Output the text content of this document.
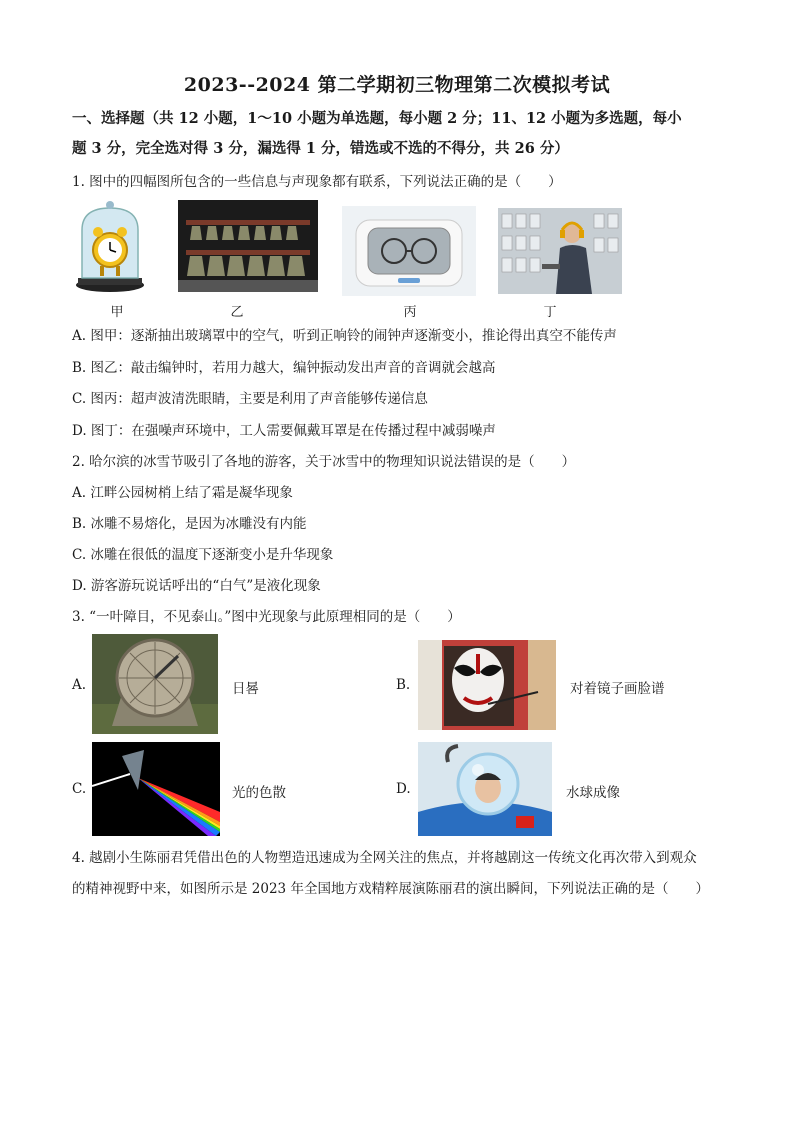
2023--2024 第二学期初三物理第二次模拟考试
一、选择题（共 12 小题，1～10 小题为单选题，每小题 2 分；11、12 小题为多选题，每小
题 3 分，完全选对得 3 分，漏选得 1 分，错选或不选的不得分，共 26 分）
1. 图中的四幅图所包含的一些信息与声现象都有联系，下列说法正确的是（　　）
甲	乙	丙	丁
A. 图甲：逐渐抽出玻璃罩中的空气，听到正响铃的闹钟声逐渐变小，推论得出真空不能传声
B. 图乙：敲击编钟时，若用力越大，编钟振动发出声音的音调就会越高
C. 图丙：超声波清洗眼睛，主要是利用了声音能够传递信息
D. 图丁：在强噪声环境中，工人需要佩戴耳罩是在传播过程中减弱噪声
2. 哈尔滨的冰雪节吸引了各地的游客，关于冰雪中的物理知识说法错误的是（　　）
A. 江畔公园树梢上结了霜是凝华现象
B. 冰雕不易熔化，是因为冰雕没有内能
C. 冰雕在很低的温度下逐渐变小是升华现象
D. 游客游玩说话呼出的“白气”是液化现象
3. “一叶障目，不见泰山。”图中光现象与此原理相同的是（　　）
A.	日晷	B.	对着镜子画脸谱
C.	光的色散	D.	水球成像
4. 越剧小生陈丽君凭借出色的人物塑造迅速成为全网关注的焦点，并将越剧这一传统文化再次带入到观众
的精神视野中来，如图所示是 2023 年全国地方戏精粹展演陈丽君的演出瞬间，下列说法正确的是（　　）
